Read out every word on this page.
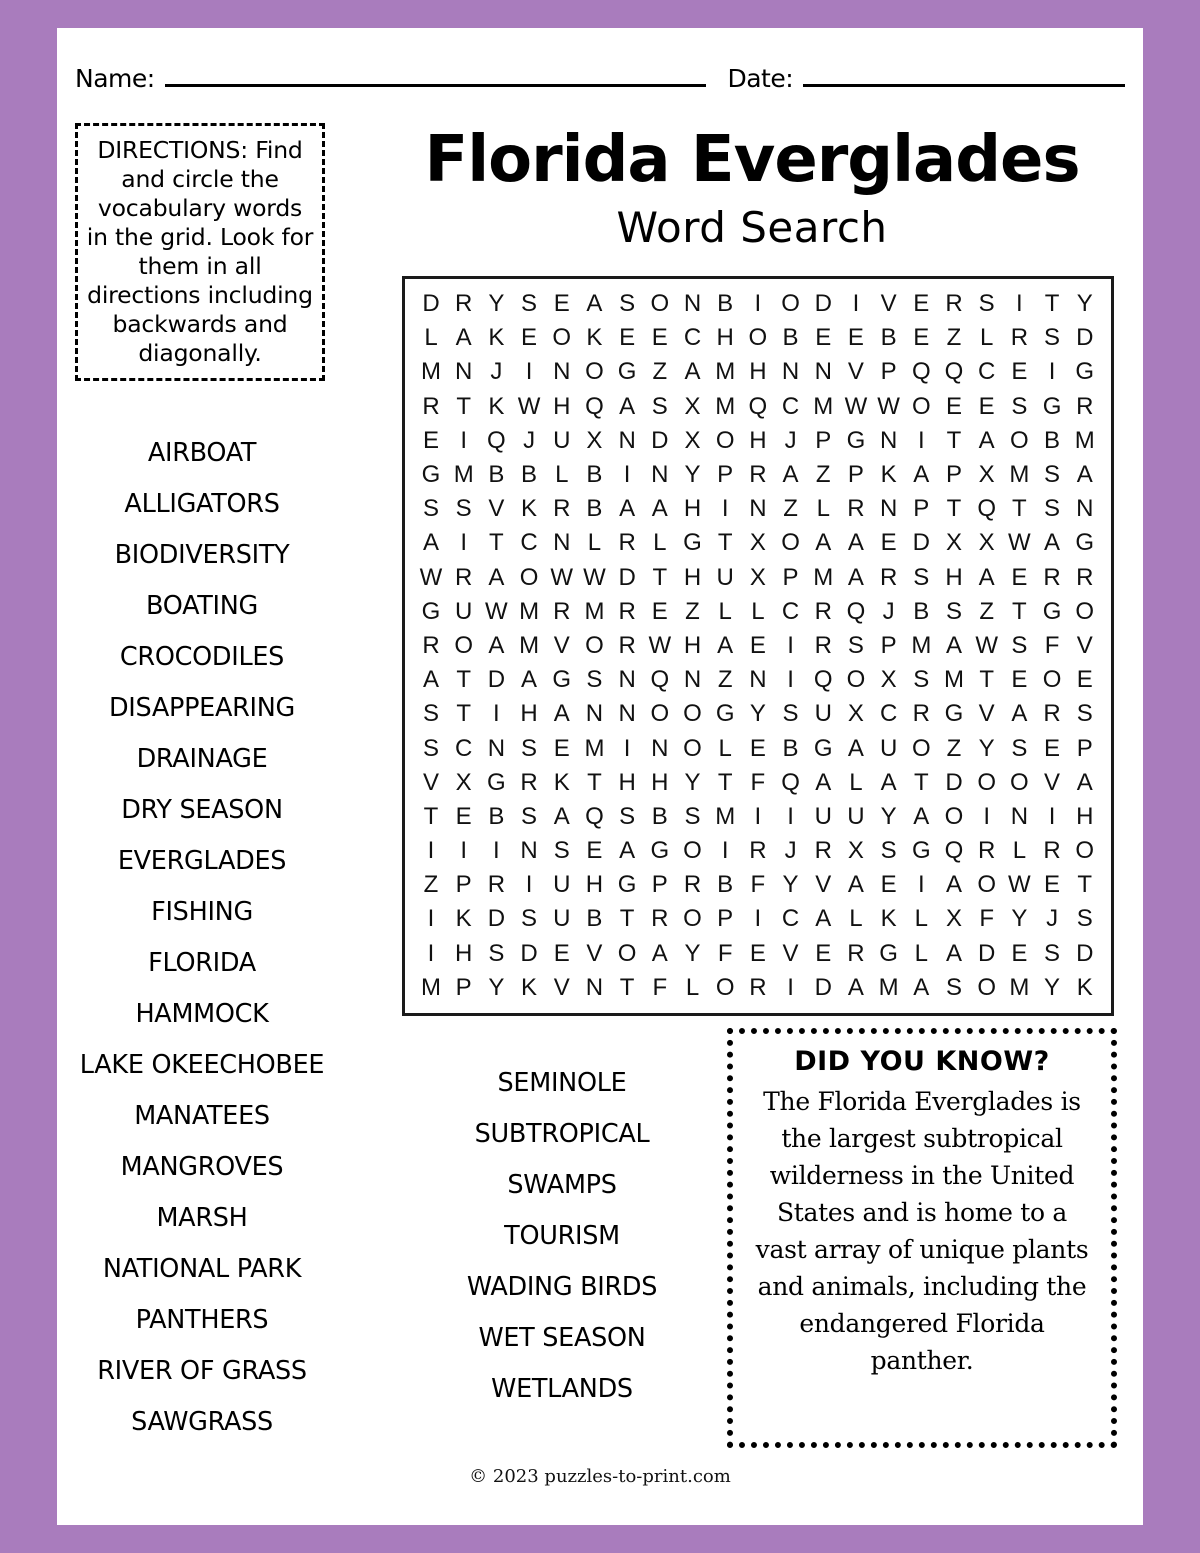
Name:	Date:
DIRECTIONS: Find and circle the vocabulary words in the grid. Look for them in all directions including backwards and diagonally.
Florida Everglades
Word Search
D R Y S E A S O N B I O D I V E R S I T Y
L A K E O K E E C H O B E E B E Z L R S D
M N J I N O G Z A M H N N V P Q Q C E I G
R T K W H Q A S X M Q C M W W O E E S G R
E I Q J U X N D X O H J P G N I T A O B M
G M B B L B I N Y P R A Z P K A P X M S A
S S V K R B A A H I N Z L R N P T Q T S N
A I T C N L R L G T X O A A E D X X W A G
W R A O W W D T H U X P M A R S H A E R R
G U W M R M R E Z L L C R Q J B S Z T G O
R O A M V O R W H A E I R S P M A W S F V
A T D A G S N Q N Z N I Q O X S M T E O E
S T I H A N N O O G Y S U X C R G V A R S
S C N S E M I N O L E B G A U O Z Y S E P
V X G R K T H H Y T F Q A L A T D O O V A
T E B S A Q S B S M I	I U U Y A O I N I H
I	I	I N S E A G O I R J R X S G Q R L R O
Z P R I U H G P R B F Y V A E I A O W E T
I K D S U B T R O P I C A L K L X F Y J S
I H S D E V O A Y F E V E R G L A D E S D
M P Y K V N T F L O R I D A M A S O M Y K
AIRBOAT
ALLIGATORS
BIODIVERSITY
BOATING
CROCODILES
DISAPPEARING
DRAINAGE
DRY SEASON
EVERGLADES
FISHING
FLORIDA
HAMMOCK
LAKE OKEECHOBEE
MANATEES
MANGROVES
MARSH
NATIONAL PARK
PANTHERS
RIVER OF GRASS
SAWGRASS
SEMINOLE
SUBTROPICAL
SWAMPS
TOURISM
WADING BIRDS
WET SEASON
WETLANDS
DID YOU KNOW?
The Florida Everglades is the largest subtropical wilderness in the United States and is home to a vast array of unique plants and animals, including the endangered Florida panther.
© 2023 puzzles-to-print.com
